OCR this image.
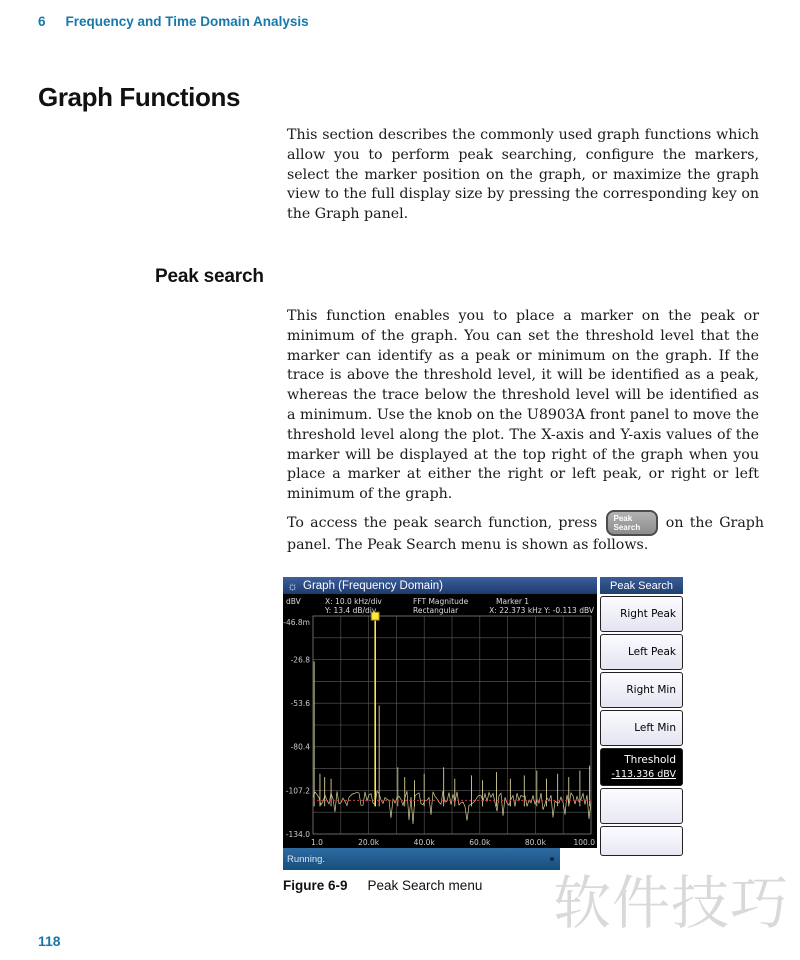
6 Frequency and Time Domain Analysis
Graph Functions

This section describes the commonly used graph functions which allow you to perform peak searching, configure the markers, select the marker position on the graph, or maximize the graph view to the full display size by pressing the corresponding key on the Graph panel.

Peak search

This function enables you to place a marker on the peak or minimum of the graph. You can set the threshold level that the marker can identify as a peak or minimum on the graph. If the trace is above the threshold level, it will be identified as a peak, whereas the trace below the threshold level will be identified as a minimum. Use the knob on the U8903A front panel to move the threshold level along the plot. The X-axis and Y-axis values of the marker will be displayed at the top right of the graph when you place a marker at either the right or left peak, or right or left minimum of the graph.

To access the peak search function, press Peak
Search	on the Graph panel. The Peak Search menu is shown as follows.

☼ Graph (Frequency Domain)
dBV	X: 10.0 kHz/div
Y: 13.4 dB/div
FFT Magnitude
Rectangular
Marker 1
X: 22.373 kHz Y: -0.113 dBV
-46.8m
-26.8
-53.6
-80.4
-107.2
-134.0
1.0	20.0k	40.0k	60.0k	80.0k	100.0
Running.
Peak Search
Right Peak
Left Peak
Right Min
Left Min
Threshold
-113.336 dBV
Figure 6-9 Peak Search menu 软件技巧
118
